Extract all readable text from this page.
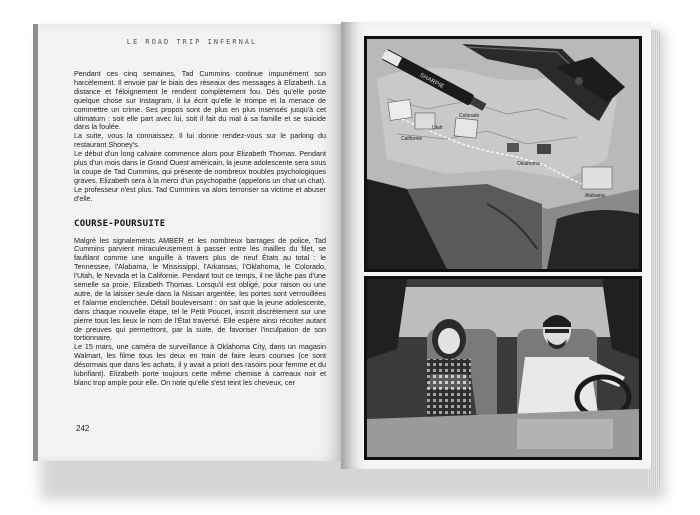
LE ROAD TRIP INFERNAL

Pendant ces cinq semaines, Tad Cummins continue impunément son harcèlement. Il envoie par le biais des réseaux des messages à Elizabeth. La distance et l'éloignement le rendent complètement fou. Dès qu'elle poste quelque chose sur Instagram, il lui écrit qu'elle le trompe et la menace de commettre un crime. Ses propos sont de plus en plus insensés jusqu'à cet ultimatum : soit elle part avec lui, soit il fait du mal à sa famille et se suicide dans la foulée.

La suite, vous la connaissez. Il lui donne rendez-vous sur le parking du restaurant Shoney's.

Le début d'un long calvaire commence alors pour Elizabeth Thomas. Pendant plus d'un mois dans le Grand Ouest américain, la jeune adolescente sera sous la coupe de Tad Cummins, qui présente de nombreux troubles psychologiques graves. Elizabeth sera à la merci d'un psychopathe (appelons un chat un chat). Le professeur n'est plus. Tad Cummins va alors terroriser sa victime et abuser d'elle.

COURSE-POURSUITE

Malgré les signalements AMBER et les nombreux barrages de police, Tad Cummins parvient miraculeusement à passer entre les mailles du filet, se faufilant comme une anguille à travers plus de neuf États au total : le Tennessee, l'Alabama, le Mississippi, l'Arkansas, l'Oklahoma, le Colorado, l'Utah, le Nevada et la Californie. Pendant tout ce temps, il ne lâche pas d'une semelle sa proie, Elizabeth Thomas. Lorsqu'il est obligé, pour raison ou une autre, de la laisser seule dans la Nissan argentée, les portes sont verrouillées et l'alarme enclenchée. Détail bouleversant : on sait que la jeune adolescente, dans chaque nouvelle étape, tel le Petit Poucet, inscrit discrètement sur une pierre tous les lieux le nom de l'État traversé. Elle espère ainsi récolter autant de preuves qui permettront, par la suite, de favoriser l'inculpation de son tortionnaire.

Le 15 mars, une caméra de surveillance à Oklahoma City, dans un magasin Walmart, les filme tous les deux en train de faire leurs courses (ce sont désormais que dans les achats, il y avait a priori des rasoirs pour femme et du lubrifiant). Elizabeth porte toujours cette même chemise à carreaux noir et blanc trop ample pour elle. On note qu'elle s'est teint les cheveux, cer

242
Californie
Colorado
Utah
Oklahoma
Alabama
SHARPIE
